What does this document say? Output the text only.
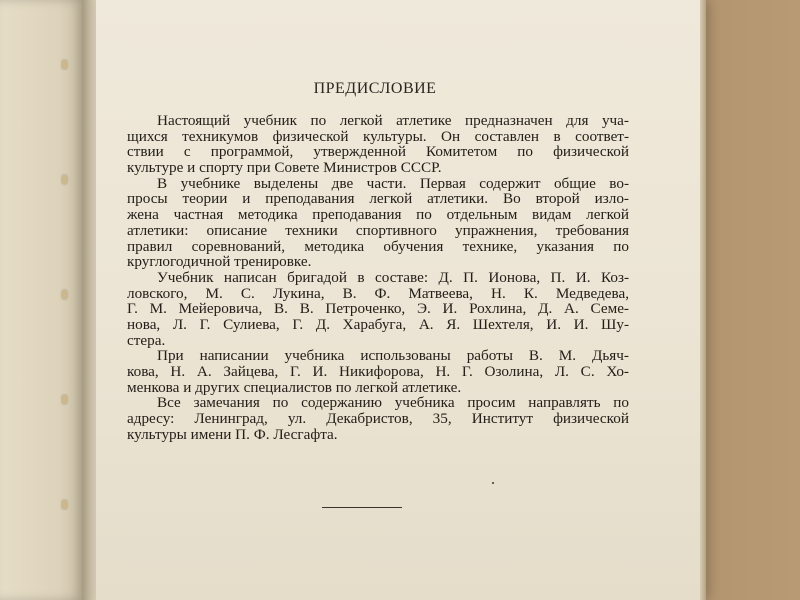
ПРЕДИСЛОВИЕ
Настоящий учебник по легкой атлетике предназначен для уча-
щихся техникумов физической культуры. Он составлен в соответ-
ствии с программой, утвержденной Комитетом по физической
культуре и спорту при Совете Министров СССР.
В учебнике выделены две части. Первая содержит общие во-
просы теории и преподавания легкой атлетики. Во второй изло-
жена частная методика преподавания по отдельным видам легкой
атлетики: описание техники спортивного упражнения, требования
правил соревнований, методика обучения технике, указания по
круглогодичной тренировке.
Учебник написан бригадой в составе: Д. П. Ионова, П. И. Коз-
ловского, М. С. Лукина, В. Ф. Матвеева, Н. К. Медведева,
Г. М. Мейеровича, В. В. Петроченко, Э. И. Рохлина, Д. А. Семе-
нова, Л. Г. Сулиева, Г. Д. Харабуга, А. Я. Шехтеля, И. И. Шу-
стера.
При написании учебника использованы работы В. М. Дьяч-
кова, Н. А. Зайцева, Г. И. Никифорова, Н. Г. Озолина, Л. С. Хо-
менкова и других специалистов по легкой атлетике.
Все замечания по содержанию учебника просим направлять по
адресу: Ленинград, ул. Декабристов, 35, Институт физической
культуры имени П. Ф. Лесгафта.
